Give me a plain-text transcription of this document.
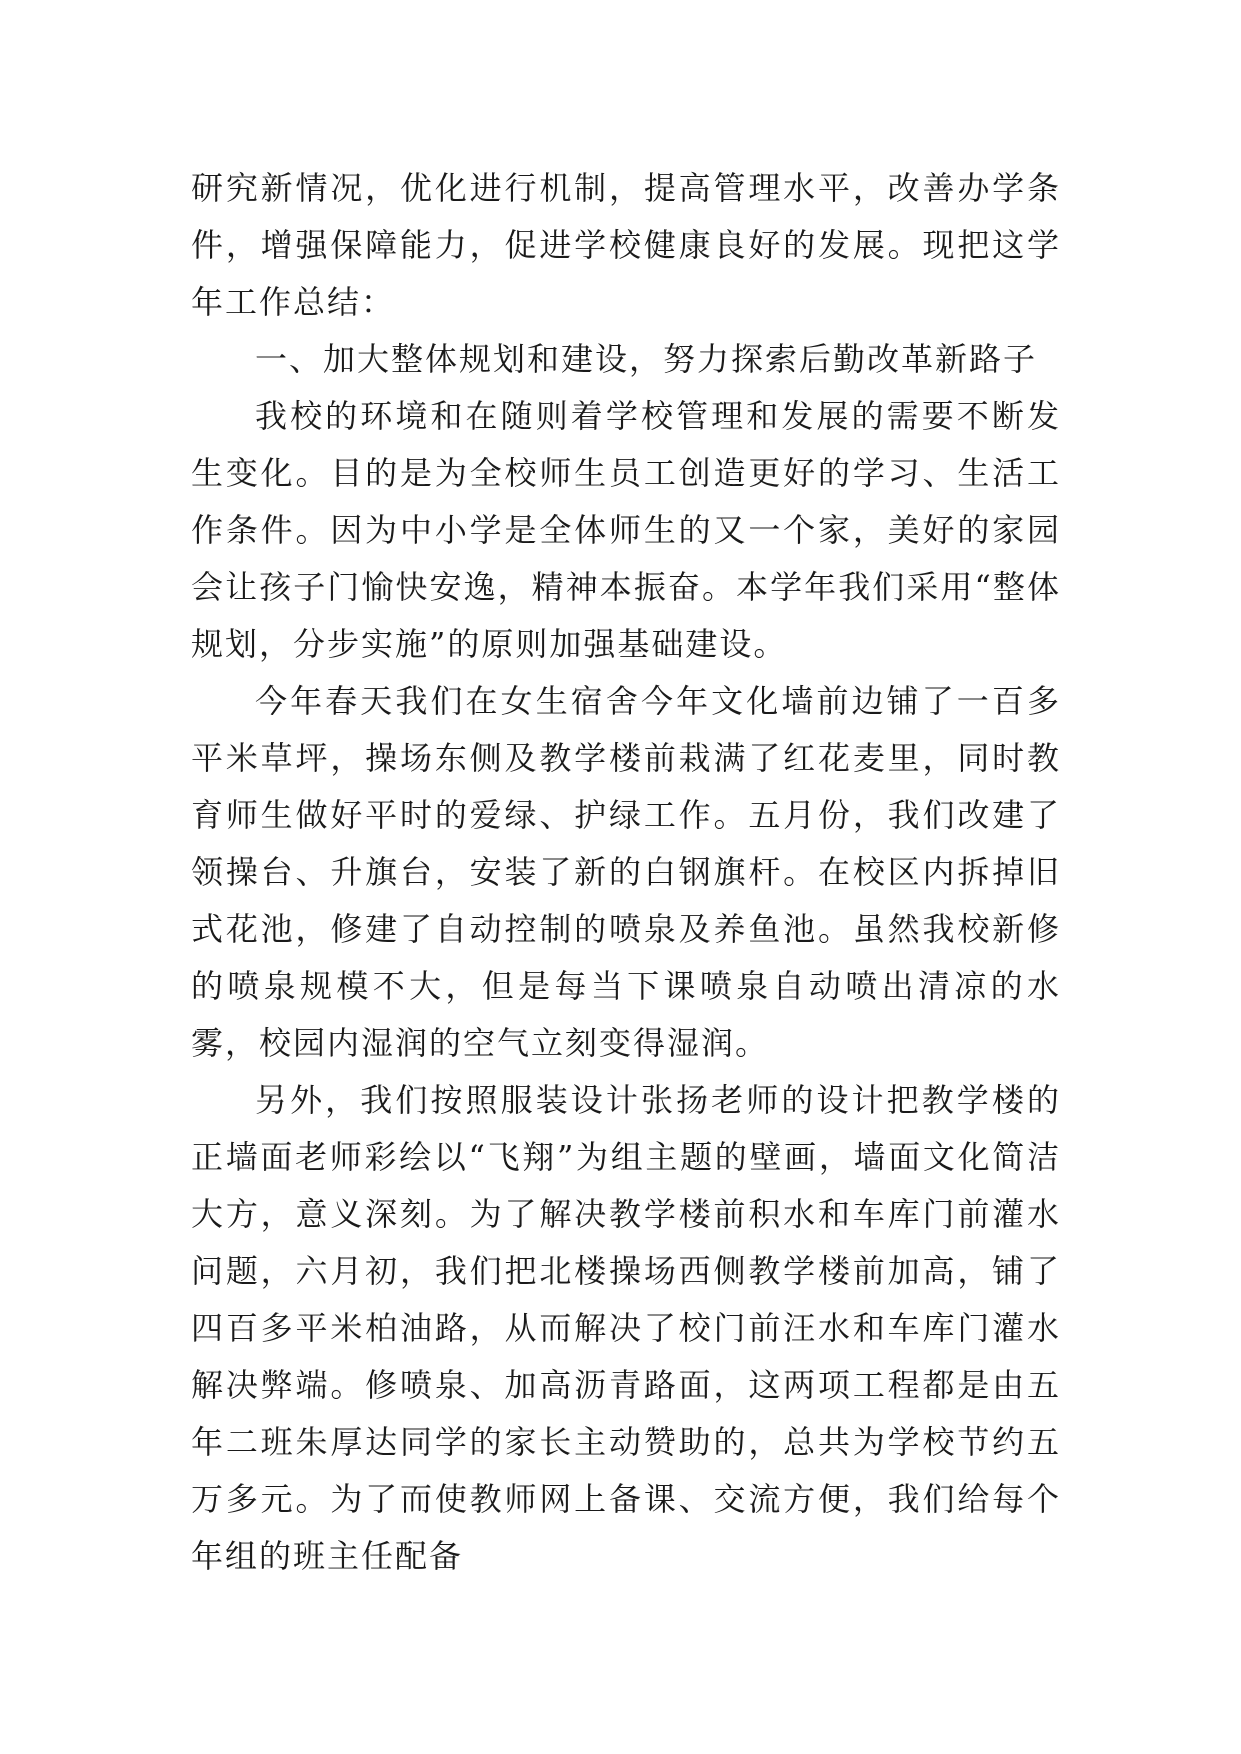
研究新情况，优化进行机制，提高管理水平，改善办学条件，增强保障能力，促进学校健康良好的发展。现把这学年工作总结：

一、加大整体规划和建设，努力探索后勤改革新路子

我校的环境和在随则着学校管理和发展的需要不断发生变化。目的是为全校师生员工创造更好的学习、生活工作条件。因为中小学是全体师生的又一个家，美好的家园会让孩子门愉快安逸，精神本振奋。本学年我们采用“整体规划，分步实施”的原则加强基础建设。

今年春天我们在女生宿舍今年文化墙前边铺了一百多平米草坪，操场东侧及教学楼前栽满了红花麦里，同时教育师生做好平时的爱绿、护绿工作。五月份，我们改建了领操台、升旗台，安装了新的白钢旗杆。在校区内拆掉旧式花池，修建了自动控制的喷泉及养鱼池。虽然我校新修的喷泉规模不大，但是每当下课喷泉自动喷出清凉的水雾，校园内湿润的空气立刻变得湿润。

另外，我们按照服装设计张扬老师的设计把教学楼的正墙面老师彩绘以“飞翔”为组主题的壁画，墙面文化简洁大方，意义深刻。为了解决教学楼前积水和车库门前灌水问题，六月初，我们把北楼操场西侧教学楼前加高，铺了四百多平米柏油路，从而解决了校门前汪水和车库门灌水解决弊端。修喷泉、加高沥青路面，这两项工程都是由五年二班朱厚达同学的家长主动赞助的，总共为学校节约五万多元。为了而使教师网上备课、交流方便，我们给每个年组的班主任配备
